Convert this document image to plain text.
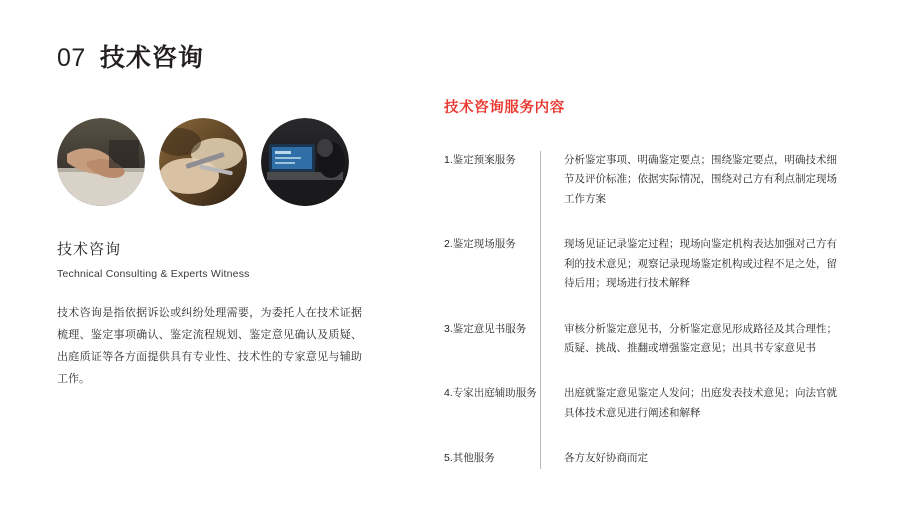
07 技术咨询
技术咨询
Technical Consulting & Experts Witness
技术咨询是指依据诉讼或纠纷处理需要，为委托人在技术证据梳理、鉴定事项确认、鉴定流程规划、鉴定意见确认及质疑、出庭质证等各方面提供具有专业性、技术性的专家意见与辅助工作。
技术咨询服务内容
1.鉴定预案服务	分析鉴定事项、明确鉴定要点；围绕鉴定要点，明确技术细节及评价标准；依据实际情况，围绕对己方有利点制定现场工作方案
2.鉴定现场服务	现场见证记录鉴定过程；现场向鉴定机构表达加强对己方有利的技术意见；观察记录现场鉴定机构或过程不足之处，留待后用；现场进行技术解释
3.鉴定意见书服务	审核分析鉴定意见书，分析鉴定意见形成路径及其合理性；质疑、挑战、推翻或增强鉴定意见；出具书专家意见书
4.专家出庭辅助服务	出庭就鉴定意见鉴定人发问；出庭发表技术意见；向法官就具体技术意见进行阐述和解释
5.其他服务	各方友好协商而定
